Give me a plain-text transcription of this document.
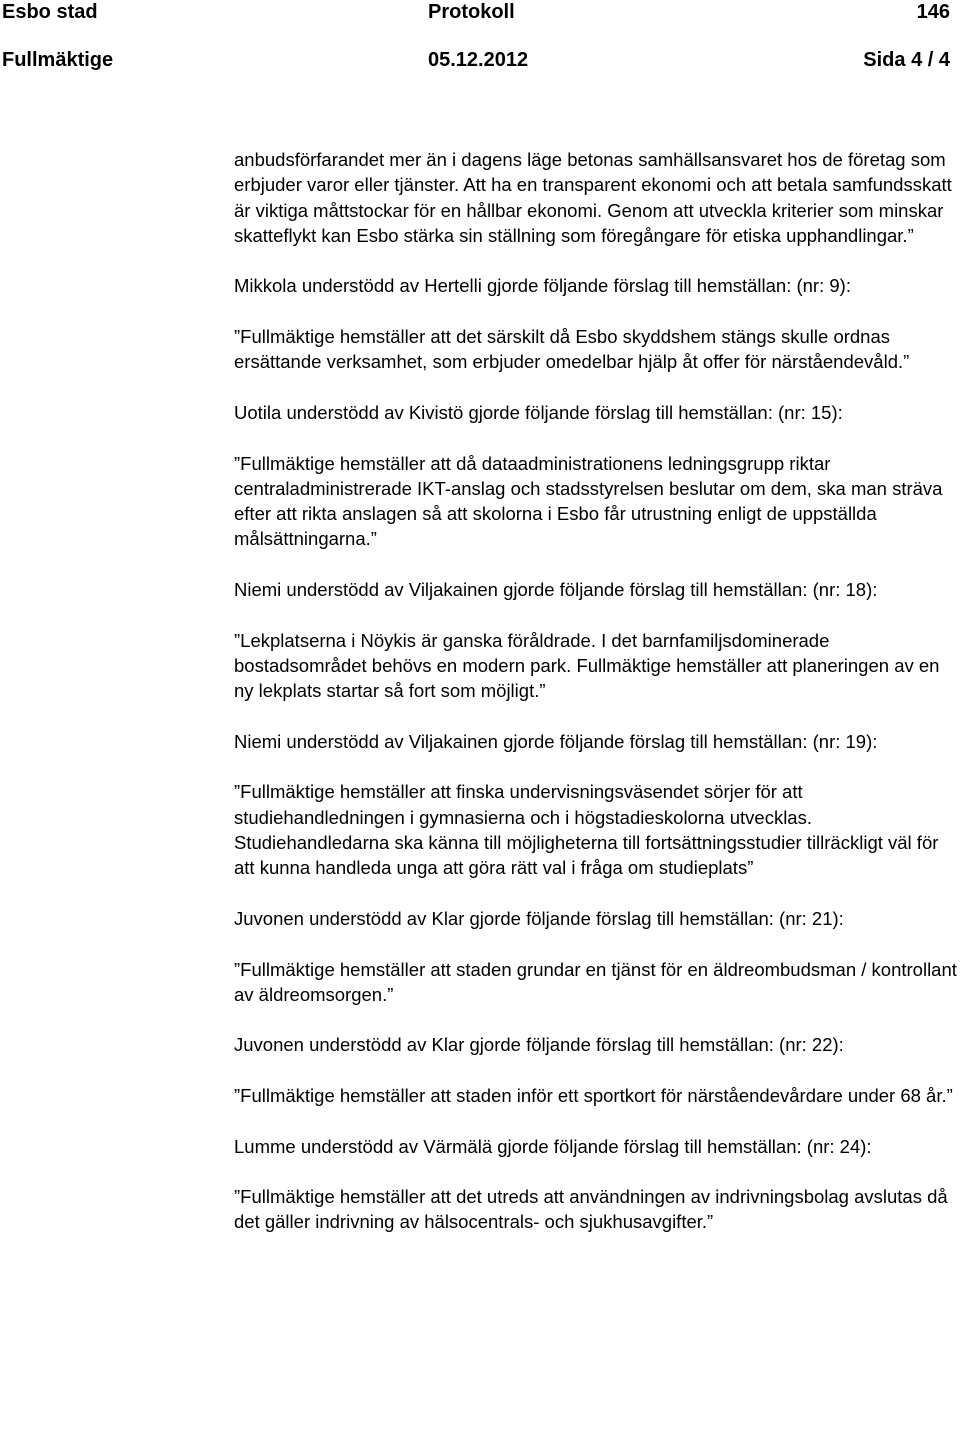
Esbo stad	Protokoll	146
Fullmäktige	05.12.2012	Sida 4 / 4

anbudsförfarandet mer än i dagens läge betonas samhällsansvaret hos de företag som erbjuder varor eller tjänster. Att ha en transparent ekonomi och att betala samfundsskatt är viktiga måttstockar för en hållbar ekonomi. Genom att utveckla kriterier som minskar skatteflykt kan Esbo stärka sin ställning som föregångare för etiska upphandlingar.”

Mikkola understödd av Hertelli gjorde följande förslag till hemställan: (nr: 9):

”Fullmäktige hemställer att det särskilt då Esbo skyddshem stängs skulle ordnas ersättande verksamhet, som erbjuder omedelbar hjälp åt offer för närståendevåld.”

Uotila understödd av Kivistö gjorde följande förslag till hemställan: (nr: 15):

”Fullmäktige hemställer att då dataadministrationens ledningsgrupp riktar centraladministrerade IKT-anslag och stadsstyrelsen beslutar om dem, ska man sträva efter att rikta anslagen så att skolorna i Esbo får utrustning enligt de uppställda målsättningarna.”

Niemi understödd av Viljakainen gjorde följande förslag till hemställan: (nr: 18):

”Lekplatserna i Nöykis är ganska föråldrade. I det barnfamiljsdominerade bostadsområdet behövs en modern park. Fullmäktige hemställer att planeringen av en ny lekplats startar så fort som möjligt.”

Niemi understödd av Viljakainen gjorde följande förslag till hemställan: (nr: 19):

”Fullmäktige hemställer att finska undervisningsväsendet sörjer för att studiehandledningen i gymnasierna och i högstadieskolorna utvecklas. Studiehandledarna ska känna till möjligheterna till fortsättningsstudier tillräckligt väl för att kunna handleda unga att göra rätt val i fråga om studieplats”

Juvonen understödd av Klar gjorde följande förslag till hemställan: (nr: 21):

”Fullmäktige hemställer att staden grundar en tjänst för en äldreombudsman / kontrollant av äldreomsorgen.”

Juvonen understödd av Klar gjorde följande förslag till hemställan: (nr: 22):

”Fullmäktige hemställer att staden inför ett sportkort för närståendevårdare under 68 år.”

Lumme understödd av Värmälä gjorde följande förslag till hemställan: (nr: 24):

”Fullmäktige hemställer att det utreds att användningen av indrivningsbolag avslutas då det gäller indrivning av hälsocentrals- och sjukhusavgifter.”
